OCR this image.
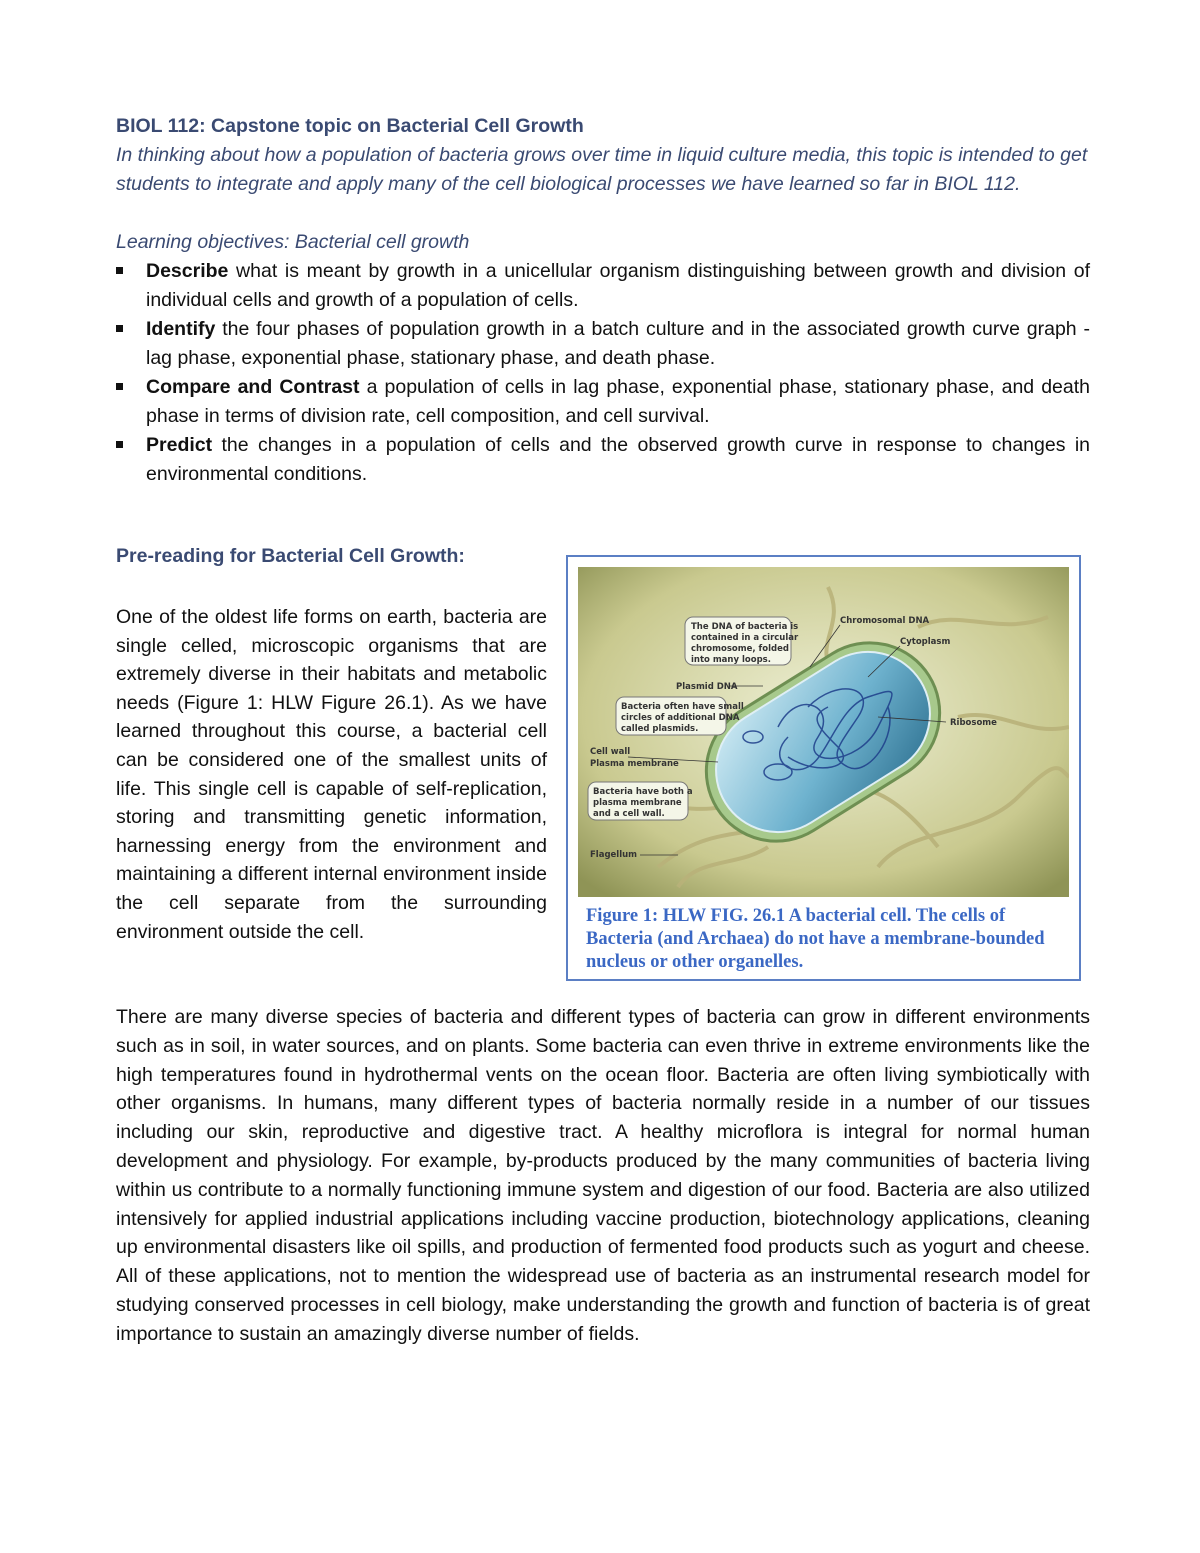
BIOL 112: Capstone topic on Bacterial Cell Growth

In thinking about how a population of bacteria grows over time in liquid culture media, this topic is intended to get students to integrate and apply many of the cell biological processes we have learned so far in BIOL 112.

Learning objectives: Bacterial cell growth
Describe what is meant by growth in a unicellular organism distinguishing between growth and division of individual cells and growth of a population of cells.
Identify the four phases of population growth in a batch culture and in the associated growth curve graph - lag phase, exponential phase, stationary phase, and death phase.
Compare and Contrast a population of cells in lag phase, exponential phase, stationary phase, and death phase in terms of division rate, cell composition, and cell survival.
Predict the changes in a population of cells and the observed growth curve in response to changes in environmental conditions.
Pre-reading for Bacterial Cell Growth:
One of the oldest life forms on earth, bacteria are single celled, microscopic organisms that are extremely diverse in their habitats and metabolic needs (Figure 1: HLW Figure 26.1). As we have learned throughout this course, a bacterial cell can be considered one of the smallest units of life. This single cell is capable of self-replication, storing and transmitting genetic information, harnessing energy from the environment and maintaining a different internal environment inside the cell separate from the surrounding environment outside the cell.
Chromosomal DNA
Cytoplasm
Ribosome
Plasmid DNA
Flagellum
Cell wall
Plasma membrane
The DNA of bacteria is
contained in a circular
chromosome, folded
into many loops.
Bacteria often have small
circles of additional DNA
called plasmids.
Bacteria have both a
plasma membrane
and a cell wall.
Figure 1: HLW FIG. 26.1 A bacterial cell. The cells of Bacteria (and Archaea) do not have a membrane-bounded nucleus or other organelles.
There are many diverse species of bacteria and different types of bacteria can grow in different environments such as in soil, in water sources, and on plants. Some bacteria can even thrive in extreme environments like the high temperatures found in hydrothermal vents on the ocean floor. Bacteria are often living symbiotically with other organisms. In humans, many different types of bacteria normally reside in a number of our tissues including our skin, reproductive and digestive tract. A healthy microflora is integral for normal human development and physiology. For example, by-products produced by the many communities of bacteria living within us contribute to a normally functioning immune system and digestion of our food. Bacteria are also utilized intensively for applied industrial applications including vaccine production, biotechnology applications, cleaning up environmental disasters like oil spills, and production of fermented food products such as yogurt and cheese. All of these applications, not to mention the widespread use of bacteria as an instrumental research model for studying conserved processes in cell biology, make understanding the growth and function of bacteria is of great importance to sustain an amazingly diverse number of fields.
